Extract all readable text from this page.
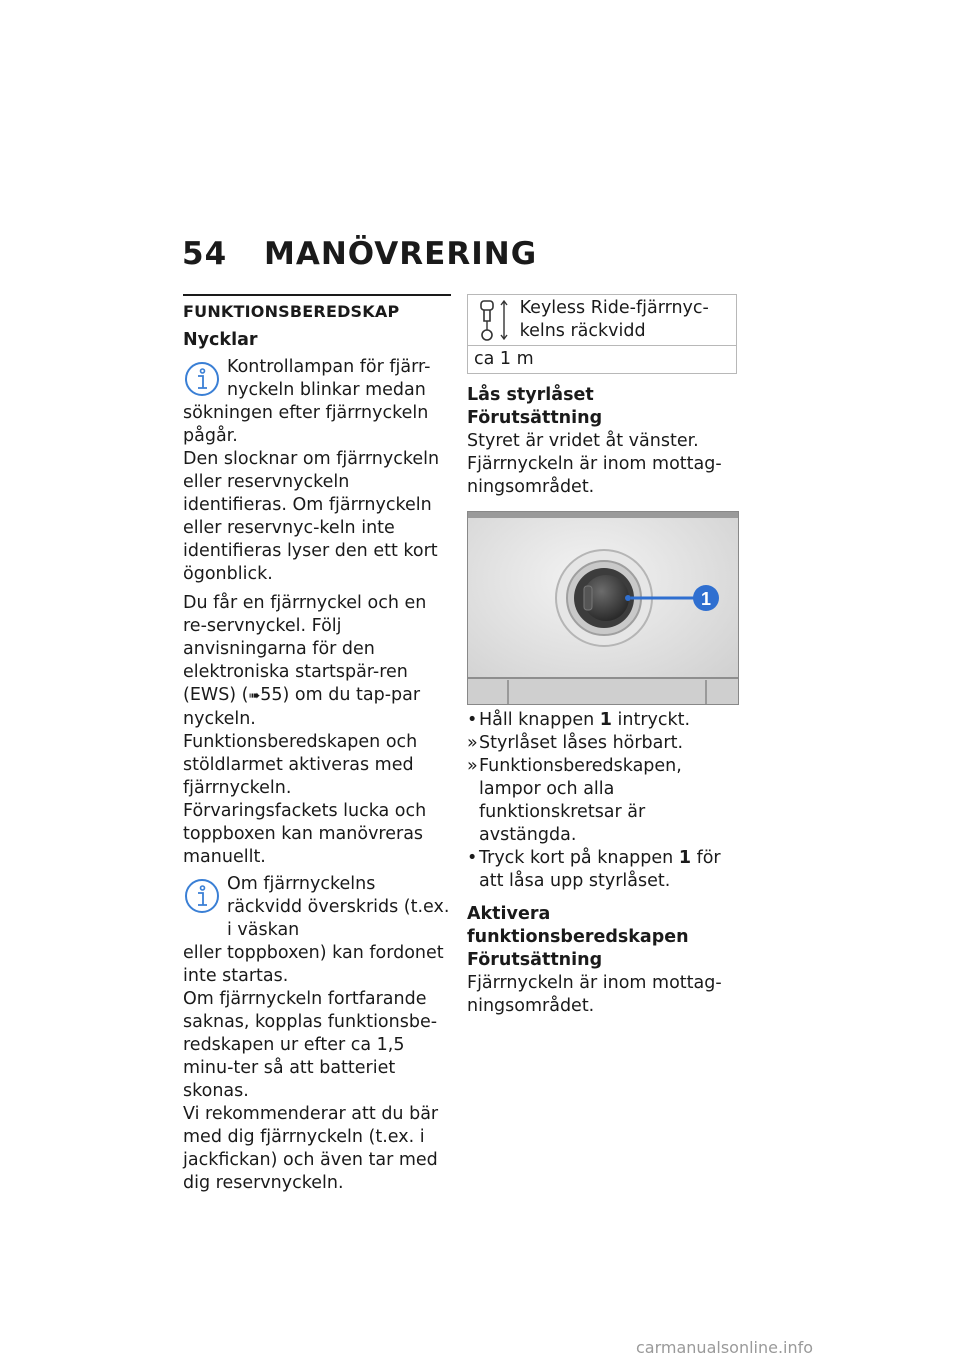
54 MANÖVRERING
FUNKTIONSBEREDSKAP
Nycklar
Kontrollampan för fjärr-nyckeln blinkar medan

sökningen efter fjärrnyckeln pågår.

Den slocknar om fjärrnyckeln eller reservnyckeln identifieras. Om fjärrnyckeln eller reservnyc-keln inte identifieras lyser den ett kort ögonblick.

Du får en fjärrnyckel och en re-servnyckel. Följ anvisningarna för den elektroniska startspär-ren (EWS) (➠55) om du tap-par nyckeln.

Funktionsberedskapen och stöldlarmet aktiveras med fjärrnyckeln. Förvaringsfackets lucka och toppboxen kan manövreras manuellt.

Om fjärrnyckelns räckvidd överskrids (t.ex. i väskan

eller toppboxen) kan fordonet inte startas.

Om fjärrnyckeln fortfarande saknas, kopplas funktionsbe-redskapen ur efter ca 1,5 minu-ter så att batteriet skonas.

Vi rekommenderar att du bär med dig fjärrnyckeln (t.ex. i jackfickan) och även tar med dig reservnyckeln.

Keyless Ride-fjärrnyc-kelns räckvidd
ca 1 m
Lås styrlåset
Förutsättning

Styret är vridet åt vänster.

Fjärrnyckeln är inom mottag-ningsområdet.

1
• Håll knappen 1 intryckt.
» Styrlåset låses hörbart.
» Funktionsberedskapen, lampor och alla funktionskretsar är avstängda.
• Tryck kort på knappen 1 för att låsa upp styrlåset.
Aktivera funktionsberedskapen
Förutsättning

Fjärrnyckeln är inom mottag-ningsområdet.

carmanualsonline.info
